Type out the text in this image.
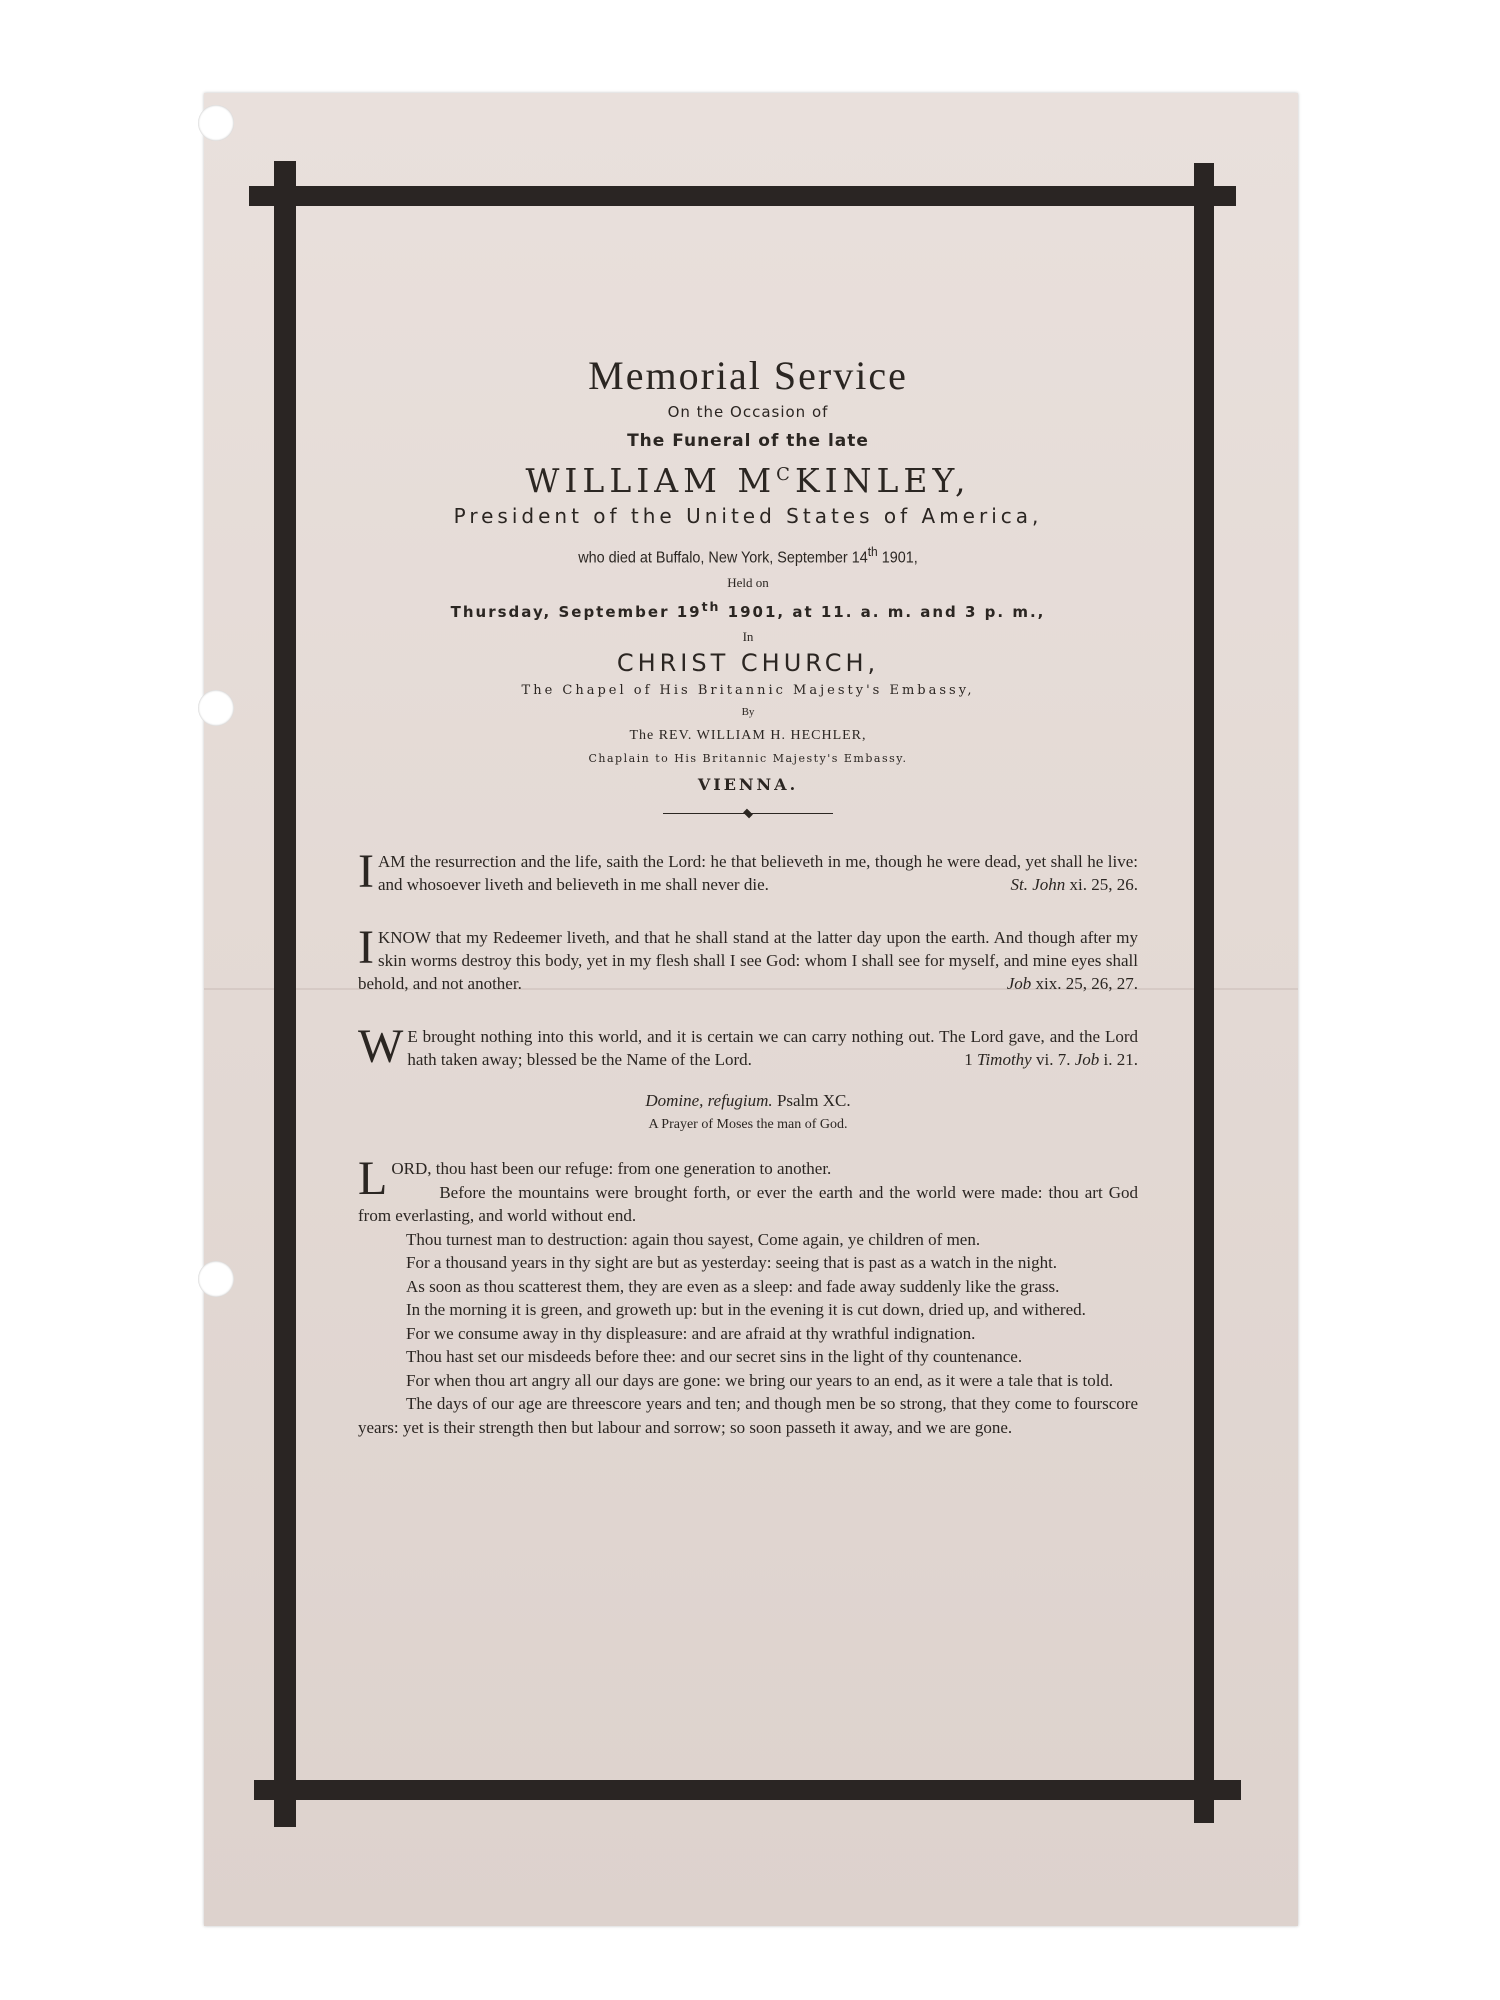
Memorial Service
On the Occasion of
The Funeral of the late
WILLIAM $M^CKINLEY$,
President of the United States of America,
who died at Buffalo, New York, September 14th 1901,
Held on
Thursday, September 19th 1901, at 11. a. m. and 3 p. m.,
In
CHRIST CHURCH,
The Chapel of His Britannic Majesty's Embassy,
By
The REV. WILLIAM H. HECHLER,
Chaplain to His Britannic Majesty's Embassy.
VIENNA.
IAM the resurrection and the life, saith the Lord: he that believeth in me, though he were dead, yet shall he live: and whosoever liveth and believeth in me shall never die.	St. John xi. 25, 26.
IKNOW that my Redeemer liveth, and that he shall stand at the latter day upon the earth. And though after my skin worms destroy this body, yet in my flesh shall I see God: whom I shall see for myself, and mine eyes shall behold, and not another.	Job xix. 25, 26, 27.
W E brought nothing into this world, and it is certain we can carry nothing out. The Lord gave, and the Lord hath taken away; blessed be the Name of the Lord.	1 Timothy vi. 7. Job i. 21.
Domine, refugium. Psalm XC.
A Prayer of Moses the man of God.
LORD, thou hast been our refuge: from one generation to another.
Before the mountains were brought forth, or ever the earth and the world were made: thou art God from everlasting, and world without end.
Thou turnest man to destruction: again thou sayest, Come again, ye children of men.
For a thousand years in thy sight are but as yesterday: seeing that is past as a watch in the night.
As soon as thou scatterest them, they are even as a sleep: and fade away suddenly like the grass.
In the morning it is green, and groweth up: but in the evening it is cut down, dried up, and withered.
For we consume away in thy displeasure: and are afraid at thy wrathful indignation.
Thou hast set our misdeeds before thee: and our secret sins in the light of thy countenance.
For when thou art angry all our days are gone: we bring our years to an end, as it were a tale that is told.
The days of our age are threescore years and ten; and though men be so strong, that they come to fourscore years: yet is their strength then but labour and sorrow; so soon passeth it away, and we are gone.
